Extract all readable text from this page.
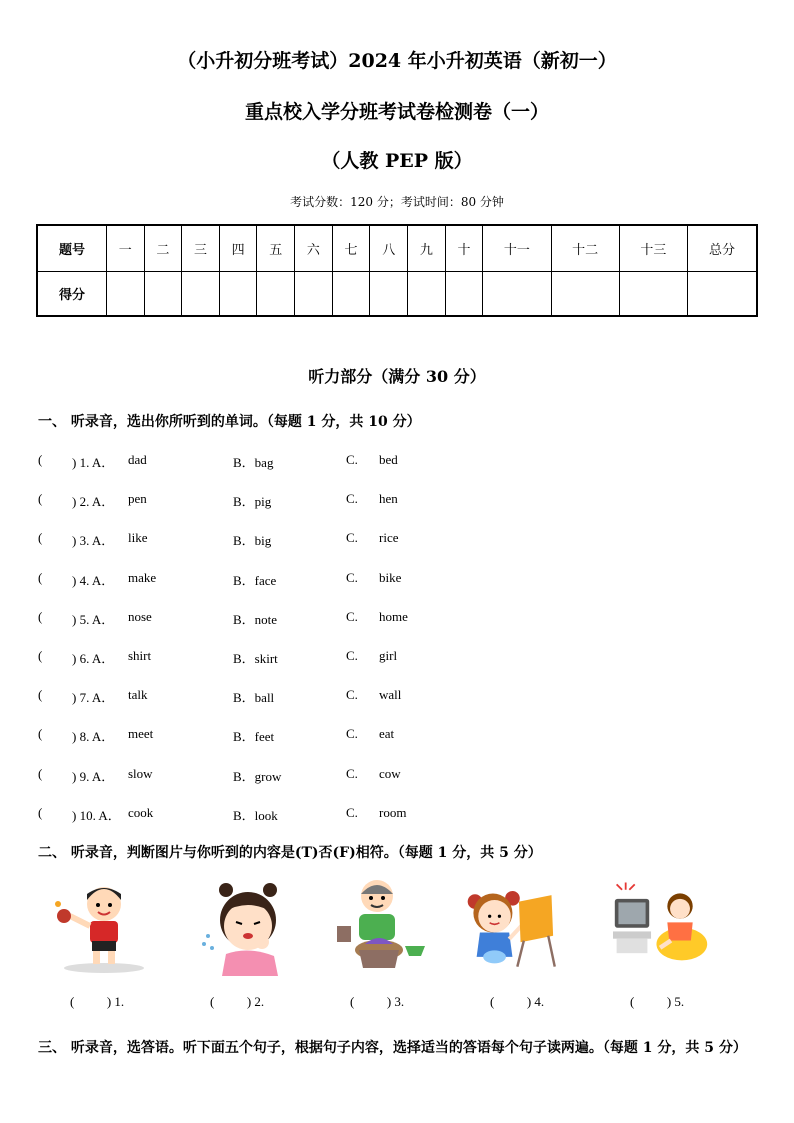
（小升初分班考试）2024 年小升初英语（新初一）
重点校入学分班考试卷检测卷（一）
（人教 PEP 版）
考试分数：120 分；考试时间：80 分钟
题号	一	二	三	四	五	六	七	八	九	十	十一	十二	十三	总分
得分														
听力部分（满分 30 分）
一、 听录音，选出你所听到的单词。（每题 1 分，共 10 分）
( ) 1. A． dad	B．bag	C. bed
( ) 2. A． pen	B．pig	C. hen
( ) 3. A． like	B．big	C. rice
( ) 4. A． make	B．face	C. bike
( ) 5. A． nose	B．note	C. home
( ) 6. A． shirt	B．skirt	C. girl
( ) 7. A． talk	B．ball	C. wall
( ) 8. A． meet	B．feet	C. eat
( ) 9. A． slow	B．grow	C. cow
( ) 10. A． cook	B．look	C. room
二、 听录音，判断图片与你听到的内容是(T)否(F)相符。（每题 1 分，共 5 分）
(          ) 1.	(          ) 2.	(          ) 3.	(          ) 4.	(          ) 5.
三、 听录音，选答语。听下面五个句子，根据句子内容，选择适当的答语每个句子读两遍。（每题 1 分，共 5 分）
